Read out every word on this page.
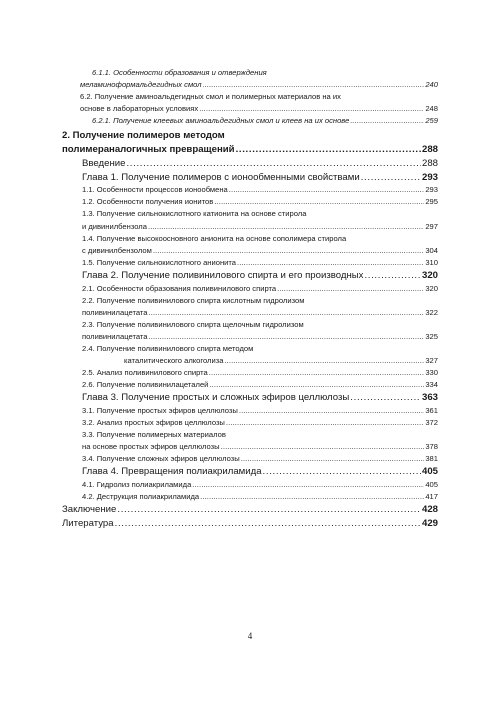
6.1.1. Особенности образования и отверждения
меламиноформальдегидных смол . . .	240
6.2. Получение аминоальдегидных смол и полимерных материалов на их
основе в лабораторных условиях . . .	248
6.2.1. Получение клеевых аминоальдегидных смол и клеев на их основе . . .	259
2. Получение полимеров методом
полимераналогичных превращений . . .	288
Введение . . .	288
Глава 1. Получение полимеров с ионообменными свойствами . . .	293
1.1. Особенности процессов ионообмена . . .	293
1.2. Особенности получения ионитов . . .	295
1.3. Получение сильнокислотного катионита на основе стирола
и дивинилбензола . . .	297
1.4. Получение высокоосновного анионита на основе сополимера стирола
с дивинилбензолом . . .	304
1.5. Получение сильнокислотного анионита . . .	310
Глава 2. Получение поливинилового спирта и его производных . . .	320
2.1. Особенности образования поливинилового спирта . . .	320
2.2. Получение поливинилового спирта кислотным гидролизом
поливинилацетата . . .	322
2.3. Получение поливинилового спирта щелочным гидролизом
поливинилацетата . . .	325
2.4. Получение поливинилового спирта методом
каталитического алкоголиза . . .	327
2.5. Анализ поливинилового спирта . . .	330
2.6. Получение поливинилацеталей . . .	334
Глава 3. Получение простых и сложных эфиров целлюлозы . . .	363
3.1. Получение простых эфиров целлюлозы . . .	361
3.2. Анализ простых эфиров целлюлозы . . .	372
3.3. Получение полимерных материалов
на основе простых эфиров целлюлозы . . .	378
3.4. Получение сложных эфиров целлюлозы . . .	381
Глава 4. Превращения полиакриламида . . .	405
4.1. Гидролиз полиакриламида . . .	405
4.2. Деструкция полиакриламида . . .	417
Заключение . . .	428
Литература . . .	429
4
